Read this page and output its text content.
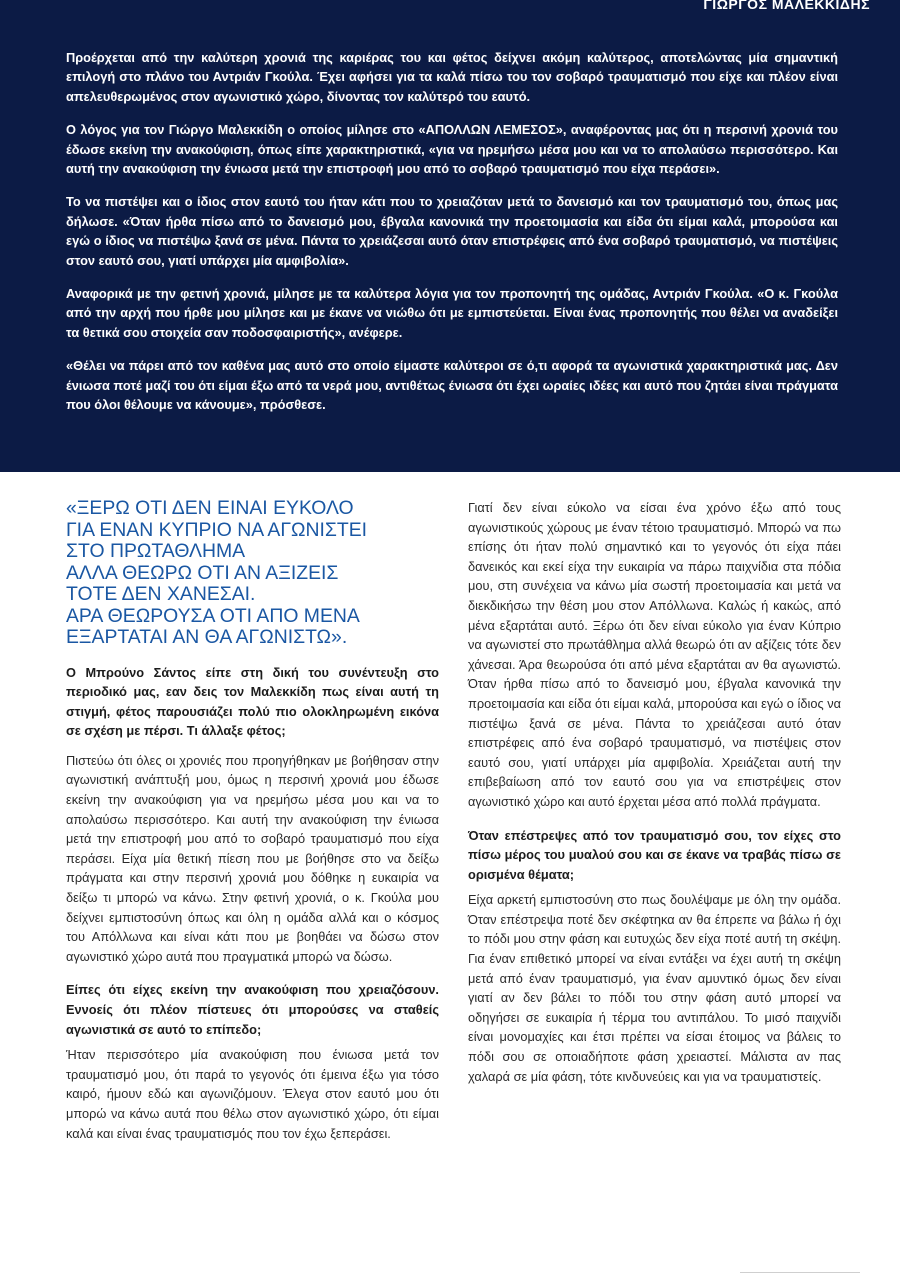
ΓΙΩΡΓΟΣ ΜΑΛΕΚΚΙΔΗΣ

Προέρχεται από την καλύτερη χρονιά της καριέρας του και φέτος δείχνει ακόμη καλύτερος, αποτελώντας μία σημαντική επιλογή στο πλάνο του Αντριάν Γκούλα. Έχει αφήσει για τα καλά πίσω του τον σοβαρό τραυματισμό που είχε και πλέον είναι απελευθερωμένος στον αγωνιστικό χώρο, δίνοντας τον καλύτερό του εαυτό.

Ο λόγος για τον Γιώργο Μαλεκκίδη ο οποίος μίλησε στο «ΑΠΟΛΛΩΝ ΛΕΜΕΣΟΣ», αναφέροντας μας ότι η περσινή χρονιά του έδωσε εκείνη την ανακούφιση, όπως είπε χαρακτηριστικά, «για να ηρεμήσω μέσα μου και να το απολαύσω περισσότερο. Και αυτή την ανακούφιση την ένιωσα μετά την επιστροφή μου από το σοβαρό τραυματισμό που είχα περάσει».

Το να πιστέψει και ο ίδιος στον εαυτό του ήταν κάτι που το χρειαζόταν μετά το δανεισμό και τον τραυματισμό του, όπως μας δήλωσε. «Όταν ήρθα πίσω από το δανεισμό μου, έβγαλα κανονικά την προετοιμασία και είδα ότι είμαι καλά, μπορούσα και εγώ ο ίδιος να πιστέψω ξανά σε μένα. Πάντα το χρειάζεσαι αυτό όταν επιστρέφεις από ένα σοβαρό τραυματισμό, να πιστέψεις στον εαυτό σου, γιατί υπάρχει μία αμφιβολία».

Αναφορικά με την φετινή χρονιά, μίλησε με τα καλύτερα λόγια για τον προπονητή της ομάδας, Αντριάν Γκούλα. «Ο κ. Γκούλα από την αρχή που ήρθε μου μίλησε και με έκανε να νιώθω ότι με εμπιστεύεται. Είναι ένας προπονητής που θέλει να αναδείξει τα θετικά σου στοιχεία σαν ποδοσφαιριστής», ανέφερε.

«Θέλει να πάρει από τον καθένα μας αυτό στο οποίο είμαστε καλύτεροι σε ό,τι αφορά τα αγωνιστικά χαρακτηριστικά μας. Δεν ένιωσα ποτέ μαζί του ότι είμαι έξω από τα νερά μου, αντιθέτως ένιωσα ότι έχει ωραίες ιδέες και αυτό που ζητάει είναι πράγματα που όλοι θέλουμε να κάνουμε», πρόσθεσε.

«ΞΕΡΩ ΟΤΙ ΔΕΝ ΕΙΝΑΙ ΕΥΚΟΛΟ
ΓΙΑ ΕΝΑΝ ΚΥΠΡΙΟ ΝΑ ΑΓΩΝΙΣΤΕΙ
ΣΤΟ ΠΡΩΤΑΘΛΗΜΑ
ΑΛΛΑ ΘΕΩΡΩ ΟΤΙ ΑΝ ΑΞΙΖΕΙΣ
ΤΟΤΕ ΔΕΝ ΧΑΝΕΣΑΙ.
ΑΡΑ ΘΕΩΡΟΥΣΑ ΟΤΙ ΑΠΟ ΜΕΝΑ
ΕΞΑΡΤΑΤΑΙ ΑΝ ΘΑ ΑΓΩΝΙΣΤΩ».

Ο Μπρούνο Σάντος είπε στη δική του συνέντευξη στο περιοδικό μας, εαν δεις τον Μαλεκκίδη πως είναι αυτή τη στιγμή, φέτος παρουσιάζει πολύ πιο ολοκληρωμένη εικόνα σε σχέση με πέρσι. Τι άλλαξε φέτος;

Πιστεύω ότι όλες οι χρονιές που προηγήθηκαν με βοήθησαν στην αγωνιστική ανάπτυξή μου, όμως η περσινή χρονιά μου έδωσε εκείνη την ανακούφιση για να ηρεμήσω μέσα μου και να το απολαύσω περισσότερο. Και αυτή την ανακούφιση την ένιωσα μετά την επιστροφή μου από το σοβαρό τραυματισμό που είχα περάσει. Είχα μία θετική πίεση που με βοήθησε στο να δείξω πράγματα και στην περσινή χρονιά μου δόθηκε η ευκαιρία να δείξω τι μπορώ να κάνω. Στην φετινή χρονιά, ο κ. Γκούλα μου δείχνει εμπιστοσύνη όπως και όλη η ομάδα αλλά και ο κόσμος του Απόλλωνα και είναι κάτι που με βοηθάει να δώσω στον αγωνιστικό χώρο αυτά που πραγματικά μπορώ να δώσω.

Είπες ότι είχες εκείνη την ανακούφιση που χρειαζόσουν. Εννοείς ότι πλέον πίστευες ότι μπορούσες να σταθείς αγωνιστικά σε αυτό το επίπεδο;

Ήταν περισσότερο μία ανακούφιση που ένιωσα μετά τον τραυματισμό μου, ότι παρά το γεγονός ότι έμεινα έξω για τόσο καιρό, ήμουν εδώ και αγωνιζόμουν. Έλεγα στον εαυτό μου ότι μπορώ να κάνω αυτά που θέλω στον αγωνιστικό χώρο, ότι είμαι καλά και είναι ένας τραυματισμός που τον έχω ξεπεράσει.

Γιατί δεν είναι εύκολο να είσαι ένα χρόνο έξω από τους αγωνιστικούς χώρους με έναν τέτοιο τραυματισμό. Μπορώ να πω επίσης ότι ήταν πολύ σημαντικό και το γεγονός ότι είχα πάει δανεικός και εκεί είχα την ευκαιρία να πάρω παιχνίδια στα πόδια μου, στη συνέχεια να κάνω μία σωστή προετοιμασία και μετά να διεκδικήσω την θέση μου στον Απόλλωνα. Καλώς ή κακώς, από μένα εξαρτάται αυτό. Ξέρω ότι δεν είναι εύκολο για έναν Κύπριο να αγωνιστεί στο πρωτάθλημα αλλά θεωρώ ότι αν αξίζεις τότε δεν χάνεσαι. Άρα θεωρούσα ότι από μένα εξαρτάται αν θα αγωνιστώ. Όταν ήρθα πίσω από το δανεισμό μου, έβγαλα κανονικά την προετοιμασία και είδα ότι είμαι καλά, μπορούσα και εγώ ο ίδιος να πιστέψω ξανά σε μένα. Πάντα το χρειάζεσαι αυτό όταν επιστρέφεις από ένα σοβαρό τραυματισμό, να πιστέψεις στον εαυτό σου, γιατί υπάρχει μία αμφιβολία. Χρειάζεται αυτή την επιβεβαίωση από τον εαυτό σου για να επιστρέψεις στον αγωνιστικό χώρο και αυτό έρχεται μέσα από πολλά πράγματα.

Όταν επέστρεψες από τον τραυματισμό σου, τον είχες στο πίσω μέρος του μυαλού σου και σε έκανε να τραβάς πίσω σε ορισμένα θέματα;

Είχα αρκετή εμπιστοσύνη στο πως δουλέψαμε με όλη την ομάδα. Όταν επέστρεψα ποτέ δεν σκέφτηκα αν θα έπρεπε να βάλω ή όχι το πόδι μου στην φάση και ευτυχώς δεν είχα ποτέ αυτή τη σκέψη. Για έναν επιθετικό μπορεί να είναι εντάξει να έχει αυτή τη σκέψη μετά από έναν τραυματισμό, για έναν αμυντικό όμως δεν είναι γιατί αν δεν βάλει το πόδι του στην φάση αυτό μπορεί να οδηγήσει σε ευκαιρία ή τέρμα του αντιπάλου. Το μισό παιχνίδι είναι μονομαχίες και έτσι πρέπει να είσαι έτοιμος να βάλεις το πόδι σου σε οποιαδήποτε φάση χρειαστεί. Μάλιστα αν πας χαλαρά σε μία φάση, τότε κινδυνεύεις και για να τραυματιστείς.
